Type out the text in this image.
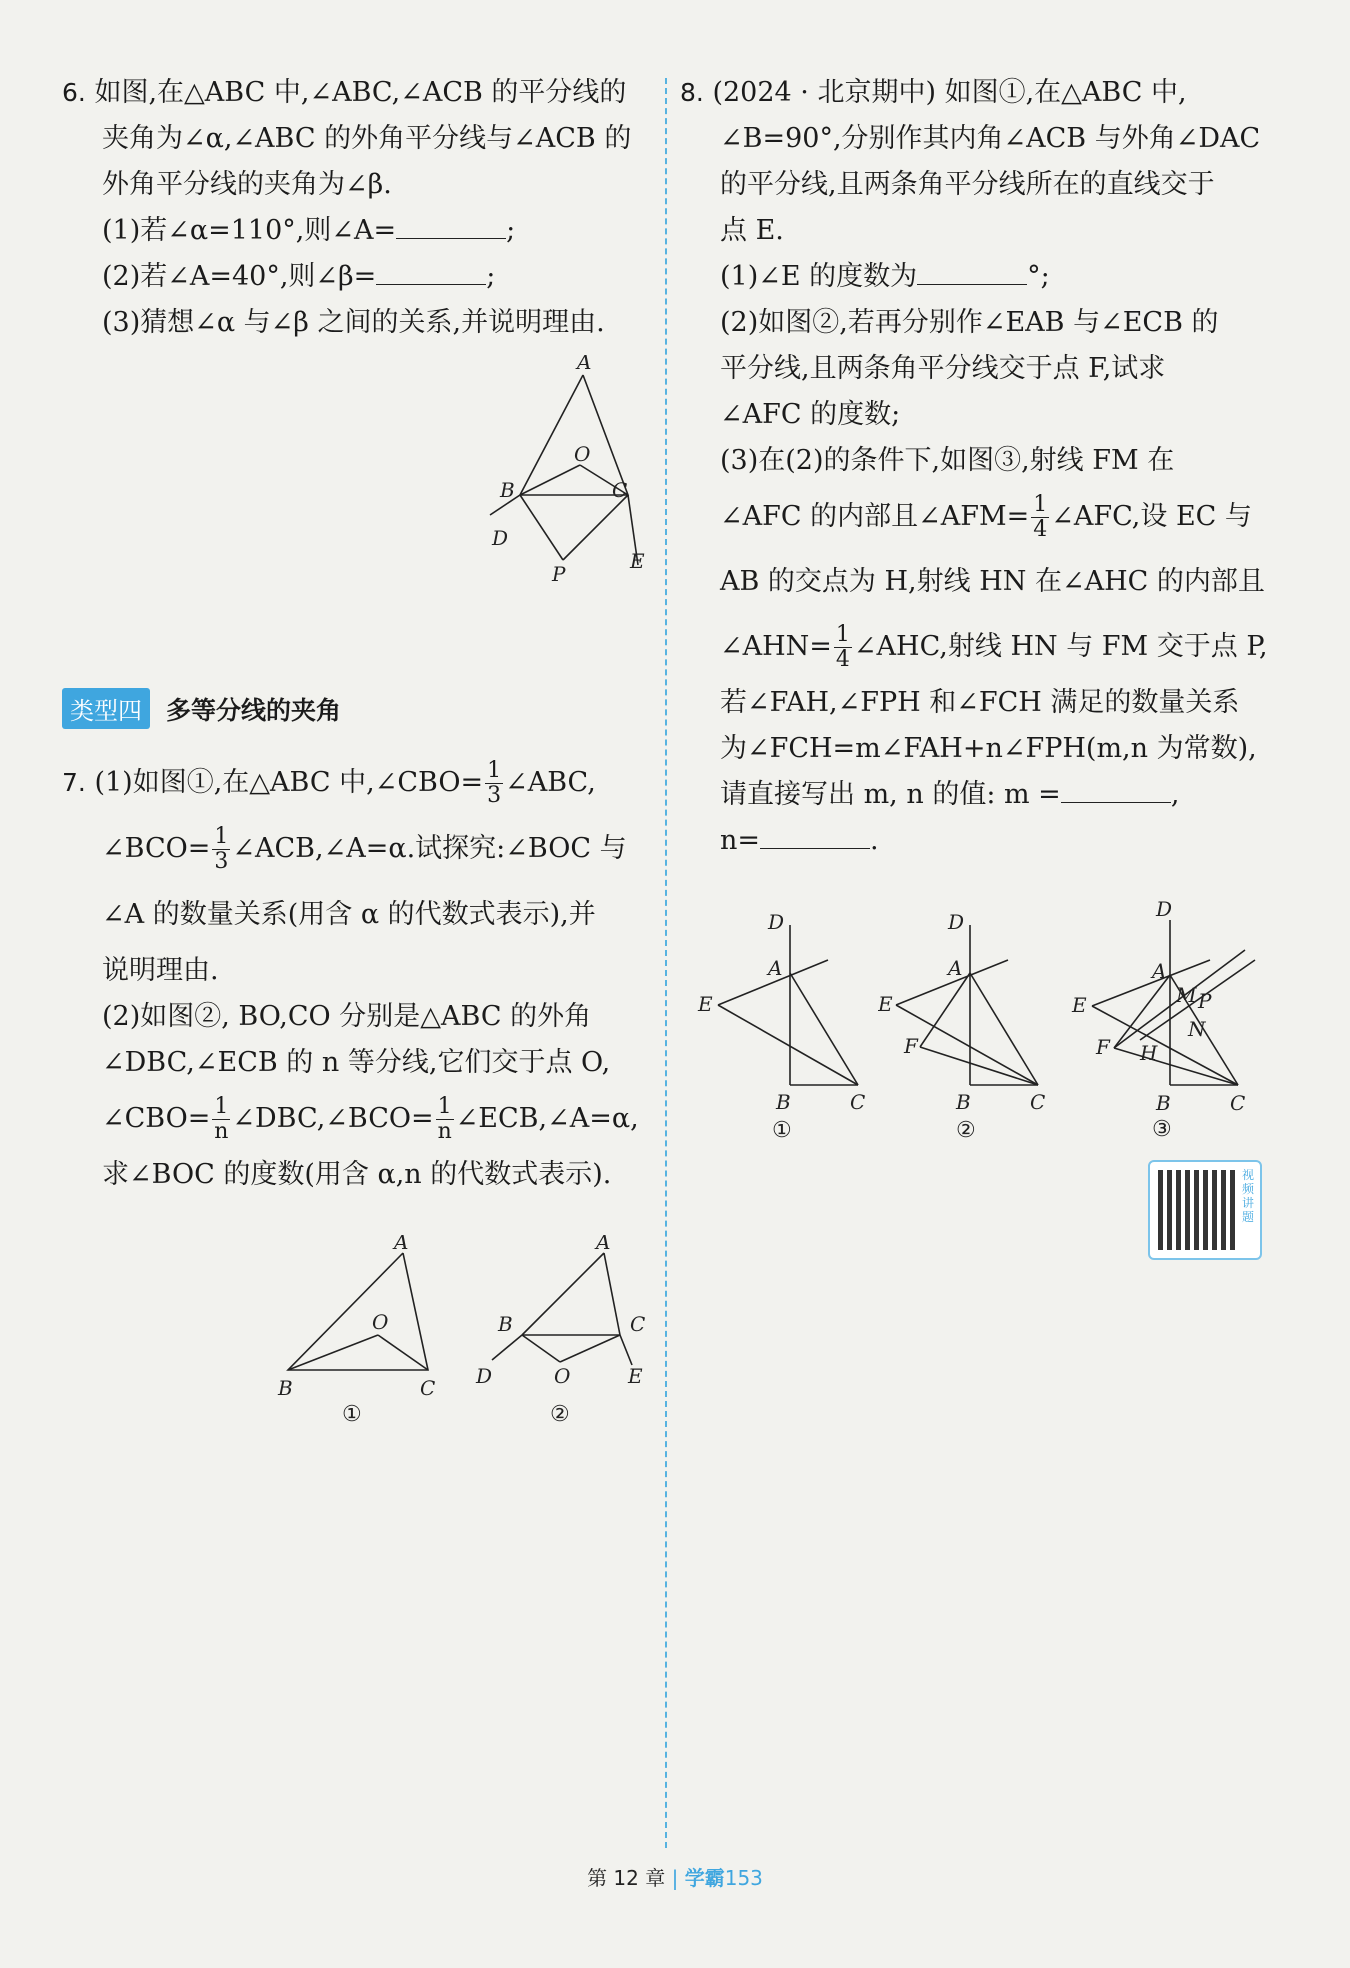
6. 如图,在△ABC 中,∠ABC,∠ACB 的平分线的
夹角为∠α,∠ABC 的外角平分线与∠ACB 的
外角平分线的夹角为∠β.
(1)若∠α=110°,则∠A=	;
(2)若∠A=40°,则∠β=	;
(3)猜想∠α 与∠β 之间的关系,并说明理由.
A
O
B	C
D
P
E
类型四 多等分线的夹角
7. (1)如图①,在△ABC 中,∠CBO= $\frac{1}{3}$ ∠ABC,
∠BCO= $\frac{1}{3}$ ∠ACB,∠A=α.试探究:∠BOC 与
∠A 的数量关系(用含 α 的代数式表示),并
说明理由.
(2)如图②, BO,CO 分别是△ABC 的外角
∠DBC,∠ECB 的 n 等分线,它们交于点 O,
∠CBO= $\frac{1}{n}$ ∠DBC,∠BCO= $\frac{1}{n}$ ∠ECB,∠A=α,
求∠BOC 的度数(用含 α,n 的代数式表示).
A
O
B	C
①
A
B	C
D	O	E
②
8. (2024 · 北京期中) 如图①,在△ABC 中,
∠B=90°,分别作其内角∠ACB 与外角∠DAC
的平分线,且两条角平分线所在的直线交于
点 E.
(1)∠E 的度数为	°;
(2)如图②,若再分别作∠EAB 与∠ECB 的
平分线,且两条角平分线交于点 F,试求
∠AFC 的度数;
(3)在(2)的条件下,如图③,射线 FM 在
∠AFC 的内部且∠AFM= $\frac{1}{4}$ ∠AFC,设 EC 与
AB 的交点为 H,射线 HN 在∠AHC 的内部且
∠AHN= $\frac{1}{4}$ ∠AHC,射线 HN 与 FM 交于点 P,
若∠FAH,∠FPH 和∠FCH 满足的数量关系
为∠FCH=m∠FAH+n∠FPH(m,n 为常数),
请直接写出 m, n 的值: m =	,
n=	.
D
A
E
B	C
①
D
A
E
F
B	C
②
D
A
E	M P
N
F H
B	C
③
视频讲题
第 12 章 | 学霸153
